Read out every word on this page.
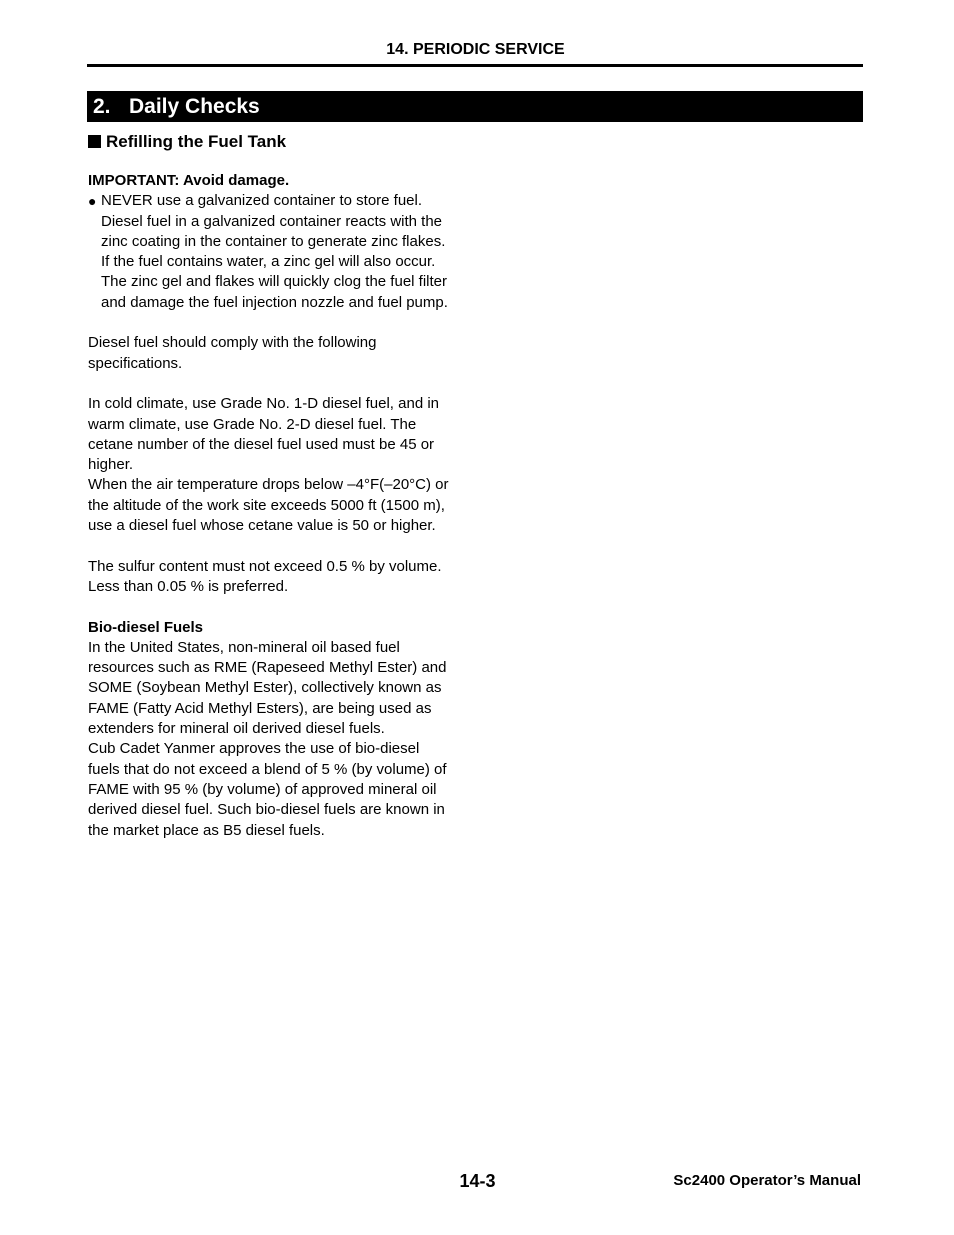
14. PERIODIC SERVICE
2. Daily Checks
Refilling the Fuel Tank

IMPORTANT: Avoid damage.

● NEVER use a galvanized container to store fuel. Diesel fuel in a galvanized container reacts with the zinc coating in the container to generate zinc flakes. If the fuel contains water, a zinc gel will also occur. The zinc gel and flakes will quickly clog the fuel filter and damage the fuel injection nozzle and fuel pump.

Diesel fuel should comply with the following specifications.

In cold climate, use Grade No. 1-D diesel fuel, and in warm climate, use Grade No. 2-D diesel fuel. The cetane number of the diesel fuel used must be 45 or higher.

When the air temperature drops below –4°F(–20°C) or the altitude of the work site exceeds 5000 ft (1500 m), use a diesel fuel whose cetane value is 50 or higher.

The sulfur content must not exceed 0.5 % by volume. Less than 0.05 % is preferred.

Bio-diesel Fuels

In the United States, non-mineral oil based fuel resources such as RME (Rapeseed Methyl Ester) and SOME (Soybean Methyl Ester), collectively known as FAME (Fatty Acid Methyl Esters), are being used as extenders for mineral oil derived diesel fuels.

Cub Cadet Yanmer approves the use of bio-diesel fuels that do not exceed a blend of 5 % (by volume) of FAME with 95 % (by volume) of approved mineral oil derived diesel fuel. Such bio-diesel fuels are known in the market place as B5 diesel fuels.

14-3	Sc2400 Operator’s Manual
